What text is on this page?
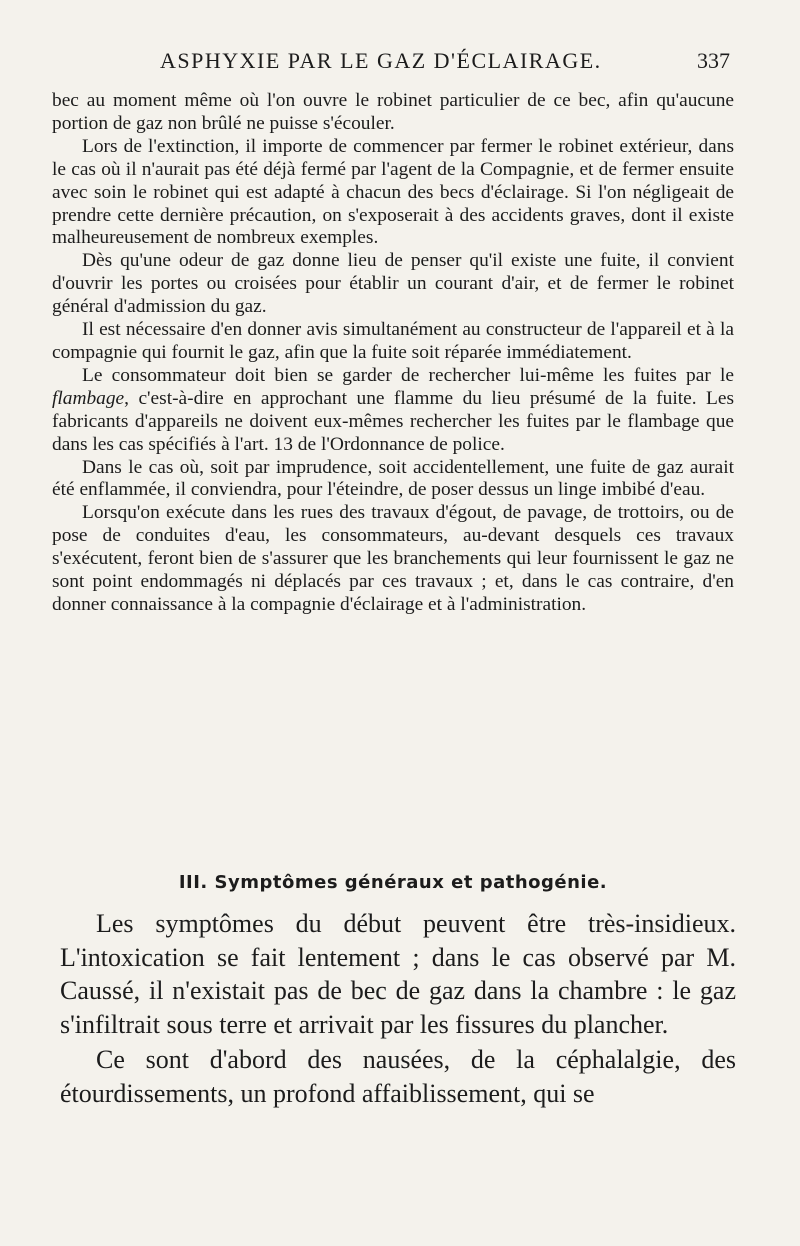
ASPHYXIE PAR LE GAZ D'ÉCLAIRAGE.	337

bec au moment même où l'on ouvre le robinet particulier de ce bec, afin qu'aucune portion de gaz non brûlé ne puisse s'écouler.

Lors de l'extinction, il importe de commencer par fermer le robinet extérieur, dans le cas où il n'aurait pas été déjà fermé par l'agent de la Compagnie, et de fermer ensuite avec soin le robinet qui est adapté à chacun des becs d'éclairage. Si l'on négligeait de prendre cette dernière précaution, on s'exposerait à des accidents graves, dont il existe malheureusement de nombreux exemples.

Dès qu'une odeur de gaz donne lieu de penser qu'il existe une fuite, il convient d'ouvrir les portes ou croisées pour établir un courant d'air, et de fermer le robinet général d'admission du gaz.

Il est nécessaire d'en donner avis simultanément au constructeur de l'appareil et à la compagnie qui fournit le gaz, afin que la fuite soit réparée immédiatement.

Le consommateur doit bien se garder de rechercher lui-même les fuites par le flambage, c'est-à-dire en approchant une flamme du lieu présumé de la fuite. Les fabricants d'appareils ne doivent eux-mêmes rechercher les fuites par le flambage que dans les cas spécifiés à l'art. 13 de l'Ordonnance de police.

Dans le cas où, soit par imprudence, soit accidentellement, une fuite de gaz aurait été enflammée, il conviendra, pour l'éteindre, de poser dessus un linge imbibé d'eau.

Lorsqu'on exécute dans les rues des travaux d'égout, de pavage, de trottoirs, ou de pose de conduites d'eau, les consommateurs, au-devant desquels ces travaux s'exécutent, feront bien de s'assurer que les branchements qui leur fournissent le gaz ne sont point endommagés ni déplacés par ces travaux ; et, dans le cas contraire, d'en donner connaissance à la compagnie d'éclairage et à l'administration.

III. Symptômes généraux et pathogénie.

Les symptômes du début peuvent être très-insidieux. L'intoxication se fait lentement ; dans le cas observé par M. Caussé, il n'existait pas de bec de gaz dans la chambre : le gaz s'infiltrait sous terre et arrivait par les fissures du plancher.

Ce sont d'abord des nausées, de la céphalalgie, des étourdissements, un profond affaiblissement, qui se
